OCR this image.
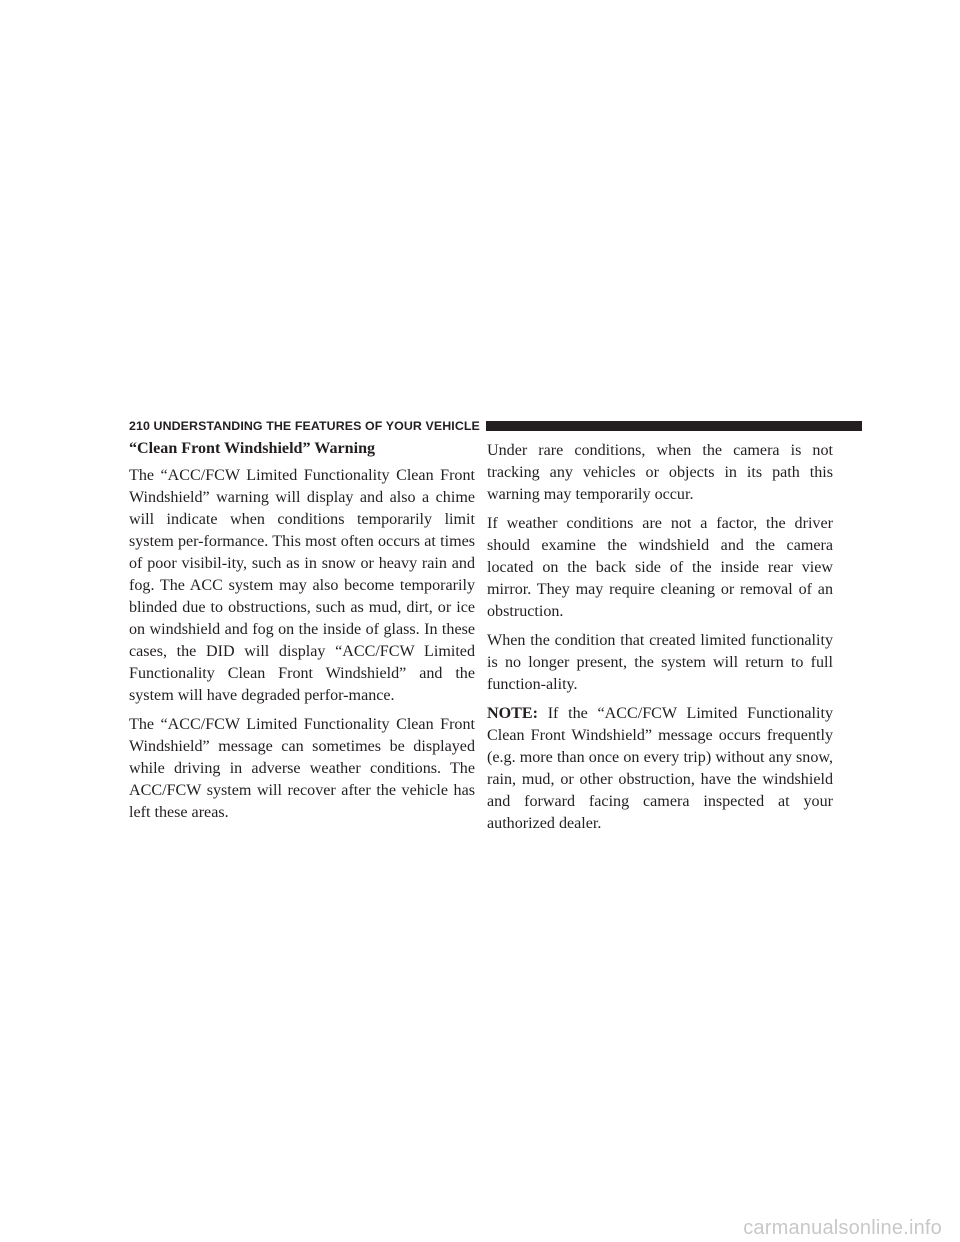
210
UNDERSTANDING THE FEATURES OF YOUR VEHICLE
“Clean Front Windshield” Warning

The “ACC/FCW Limited Functionality Clean Front Windshield” warning will display and also a chime will indicate when conditions temporarily limit system per-formance. This most often occurs at times of poor visibil-ity, such as in snow or heavy rain and fog. The ACC system may also become temporarily blinded due to obstructions, such as mud, dirt, or ice on windshield and fog on the inside of glass. In these cases, the DID will display “ACC/FCW Limited Functionality Clean Front Windshield” and the system will have degraded perfor-mance.

The “ACC/FCW Limited Functionality Clean Front Windshield” message can sometimes be displayed while driving in adverse weather conditions. The ACC/FCW system will recover after the vehicle has left these areas.

Under rare conditions, when the camera is not tracking any vehicles or objects in its path this warning may temporarily occur.

If weather conditions are not a factor, the driver should examine the windshield and the camera located on the back side of the inside rear view mirror. They may require cleaning or removal of an obstruction.

When the condition that created limited functionality is no longer present, the system will return to full function-ality.

NOTE: If the “ACC/FCW Limited Functionality Clean Front Windshield” message occurs frequently (e.g. more than once on every trip) without any snow, rain, mud, or other obstruction, have the windshield and forward facing camera inspected at your authorized dealer.

carmanualsonline.info
